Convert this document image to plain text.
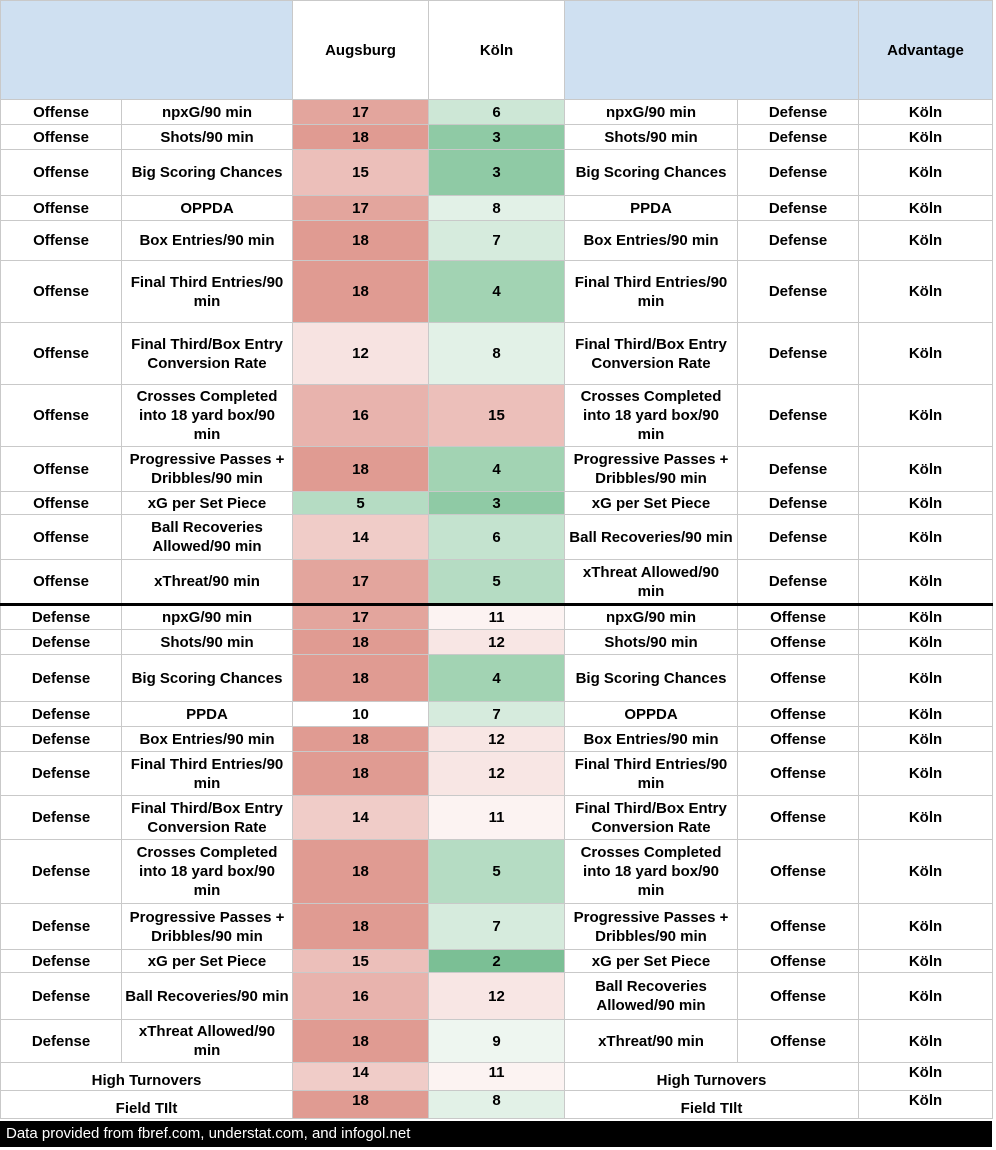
		Augsburg	Köln			Advantage
Offense	npxG/90 min	17	6	npxG/90 min	Defense	Köln
Offense	Shots/90 min	18	3	Shots/90 min	Defense	Köln
Offense	Big Scoring Chances	15	3	Big Scoring Chances	Defense	Köln
Offense	OPPDA	17	8	PPDA	Defense	Köln
Offense	Box Entries/90 min	18	7	Box Entries/90 min	Defense	Köln
Offense	Final Third Entries/90 min	18	4	Final Third Entries/90 min	Defense	Köln
Offense	Final Third/Box Entry Conversion Rate	12	8	Final Third/Box Entry Conversion Rate	Defense	Köln
Offense	Crosses Completed into 18 yard box/90 min	16	15	Crosses Completed into 18 yard box/90 min	Defense	Köln
Offense	Progressive Passes + Dribbles/90 min	18	4	Progressive Passes + Dribbles/90 min	Defense	Köln
Offense	xG per Set Piece	5	3	xG per Set Piece	Defense	Köln
Offense	Ball Recoveries Allowed/90 min	14	6	Ball Recoveries/90 min	Defense	Köln
Offense	xThreat/90 min	17	5	xThreat Allowed/90 min	Defense	Köln
Defense	npxG/90 min	17	11	npxG/90 min	Offense	Köln
Defense	Shots/90 min	18	12	Shots/90 min	Offense	Köln
Defense	Big Scoring Chances	18	4	Big Scoring Chances	Offense	Köln
Defense	PPDA	10	7	OPPDA	Offense	Köln
Defense	Box Entries/90 min	18	12	Box Entries/90 min	Offense	Köln
Defense	Final Third Entries/90 min	18	12	Final Third Entries/90 min	Offense	Köln
Defense	Final Third/Box Entry Conversion Rate	14	11	Final Third/Box Entry Conversion Rate	Offense	Köln
Defense	Crosses Completed into 18 yard box/90 min	18	5	Crosses Completed into 18 yard box/90 min	Offense	Köln
Defense	Progressive Passes + Dribbles/90 min	18	7	Progressive Passes + Dribbles/90 min	Offense	Köln
Defense	xG per Set Piece	15	2	xG per Set Piece	Offense	Köln
Defense	Ball Recoveries/90 min	16	12	Ball Recoveries Allowed/90 min	Offense	Köln
Defense	xThreat Allowed/90 min	18	9	xThreat/90 min	Offense	Köln
High Turnovers		14	11	High Turnovers		Köln
Field TIlt		18	8	Field TIlt		Köln
Data provided from fbref.com, understat.com, and infogol.net
